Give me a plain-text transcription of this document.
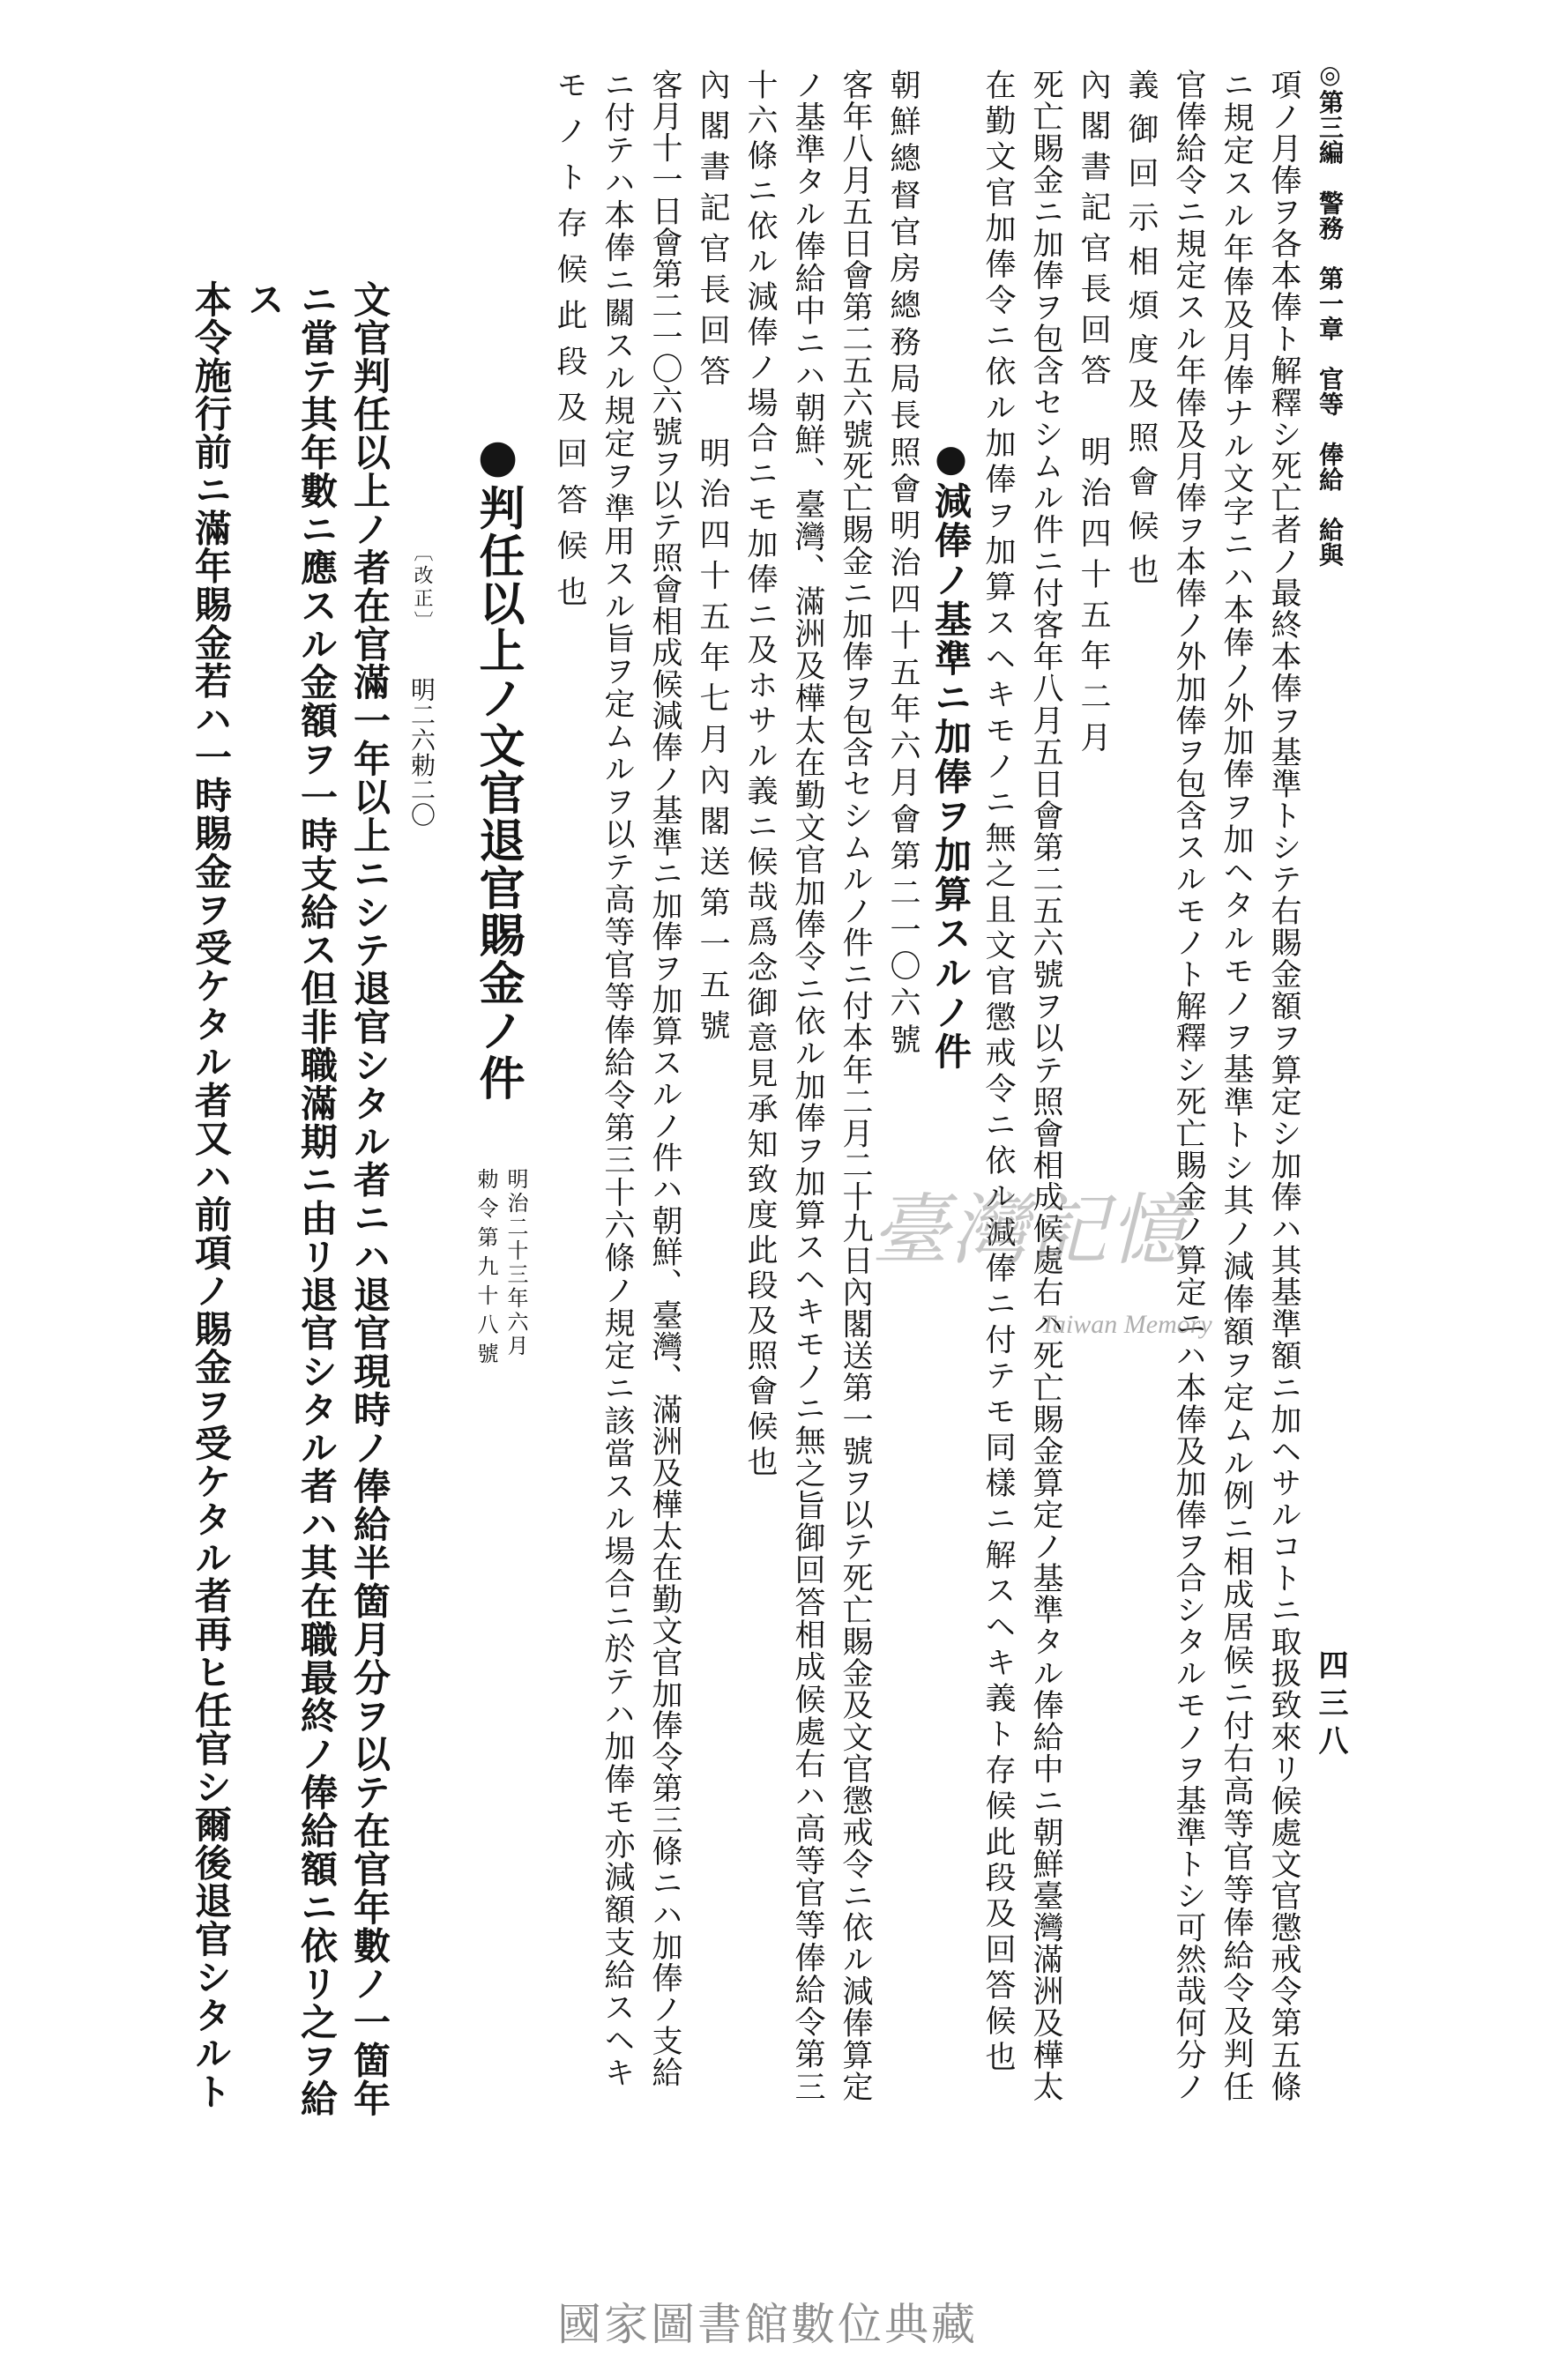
◎第三編　警務　第一章　官等　俸給　給與　
四三八
項ノ月俸ヲ各本俸ト解釋シ死亡者ノ最終本俸ヲ基準トシテ右賜金額ヲ算定シ加俸ハ其基準額ニ加ヘサルコトニ取扱致來リ候處文官懲戒令第五條
ニ規定スル年俸及月俸ナル文字ニハ本俸ノ外加俸ヲ加ヘタルモノヲ基準トシ其ノ減俸額ヲ定ムル例ニ相成居候ニ付右高等官等俸給令及判任
官俸給令ニ規定スル年俸及月俸ヲ本俸ノ外加俸ヲ包含スルモノト解釋シ死亡賜金ノ算定ニハ本俸及加俸ヲ合シタルモノヲ基準トシ可然哉何分ノ
義御回示相煩度及照會候也
內閣書記官長回答　明治四十五年二月
死亡賜金ニ加俸ヲ包含セシムル件ニ付客年八月五日會第二五六號ヲ以テ照會相成候處右ハ死亡賜金算定ノ基準タル俸給中ニ朝鮮臺灣滿洲及樺太
在勤文官加俸令ニ依ル加俸ヲ加算スヘキモノニ無之且文官懲戒令ニ依ル減俸ニ付テモ同樣ニ解スヘキ義ト存候此段及回答候也
●減俸ノ基準ニ加俸ヲ加算スルノ件
朝鮮總督官房總務局長照會明治四十五年六月會第二一〇六號
客年八月五日會第二五六號死亡賜金ニ加俸ヲ包含セシムルノ件ニ付本年二月二十九日內閣送第一號ヲ以テ死亡賜金及文官懲戒令ニ依ル減俸算定
ノ基準タル俸給中ニハ朝鮮、臺灣、滿洲及樺太在勤文官加俸令ニ依ル加俸ヲ加算スヘキモノニ無之旨御回答相成候處右ハ高等官等俸給令第三
十六條ニ依ル減俸ノ場合ニモ加俸ニ及ホサル義ニ候哉爲念御意見承知致度此段及照會候也
內閣書記官長回答　明治四十五年七月內閣送第一五號
客月十一日會第二一〇六號ヲ以テ照會相成候減俸ノ基準ニ加俸ヲ加算スルノ件ハ朝鮮、臺灣、滿洲及樺太在勤文官加俸令第三條ニハ加俸ノ支給
ニ付テハ本俸ニ關スル規定ヲ準用スル旨ヲ定ムルヲ以テ高等官等俸給令第三十六條ノ規定ニ該當スル場合ニ於テハ加俸モ亦減額支給スヘキ
モノト存候此段及回答候也
●判任以上ノ文官退官賜金ノ件
明治二十三年六月
勅令第九十八號
〔改正〕
明二六勅二〇
文官判任以上ノ者在官滿一年以上ニシテ退官シタル者ニハ退官現時ノ俸給半箇月分ヲ以テ在官年數ノ一箇年
ニ當テ其年數ニ應スル金額ヲ一時支給ス但非職滿期ニ由リ退官シタル者ハ其在職最終ノ俸給額ニ依リ之ヲ給
ス
本令施行前ニ滿年賜金若ハ一時賜金ヲ受ケタル者又ハ前項ノ賜金ヲ受ケタル者再ヒ任官シ爾後退官シタルト	臺灣記憶
Taiwan Memory
國家圖書館數位典藏
